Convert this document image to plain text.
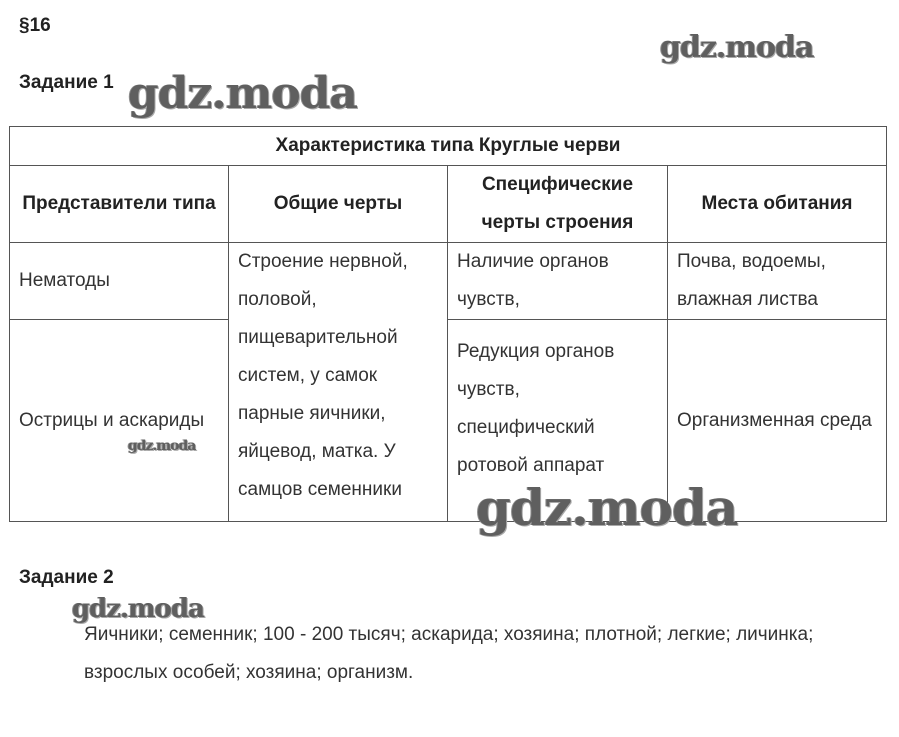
§16
Задание 1
Характеристика типа Круглые черви			
Представители типа	Общие черты	Специфические черты строения	Места обитания
Нематоды	Строение нервной, половой, пищеварительной систем, у самок парные яичники, яйцевод, матка. У самцов семенники	Наличие органов чувств,	Почва, водоемы, влажная листва
Острицы и аскариды		Редукция органов чувств, специфический ротовой аппарат	Организменная среда
Задание 2
Яичники; семенник; 100 - 200 тысяч; аскарида; хозяина; плотной; легкие; личинка; взрослых особей; хозяина; организм.
gdz.moda
gdz.moda
gdz.moda
gdz.moda
gdz.moda
